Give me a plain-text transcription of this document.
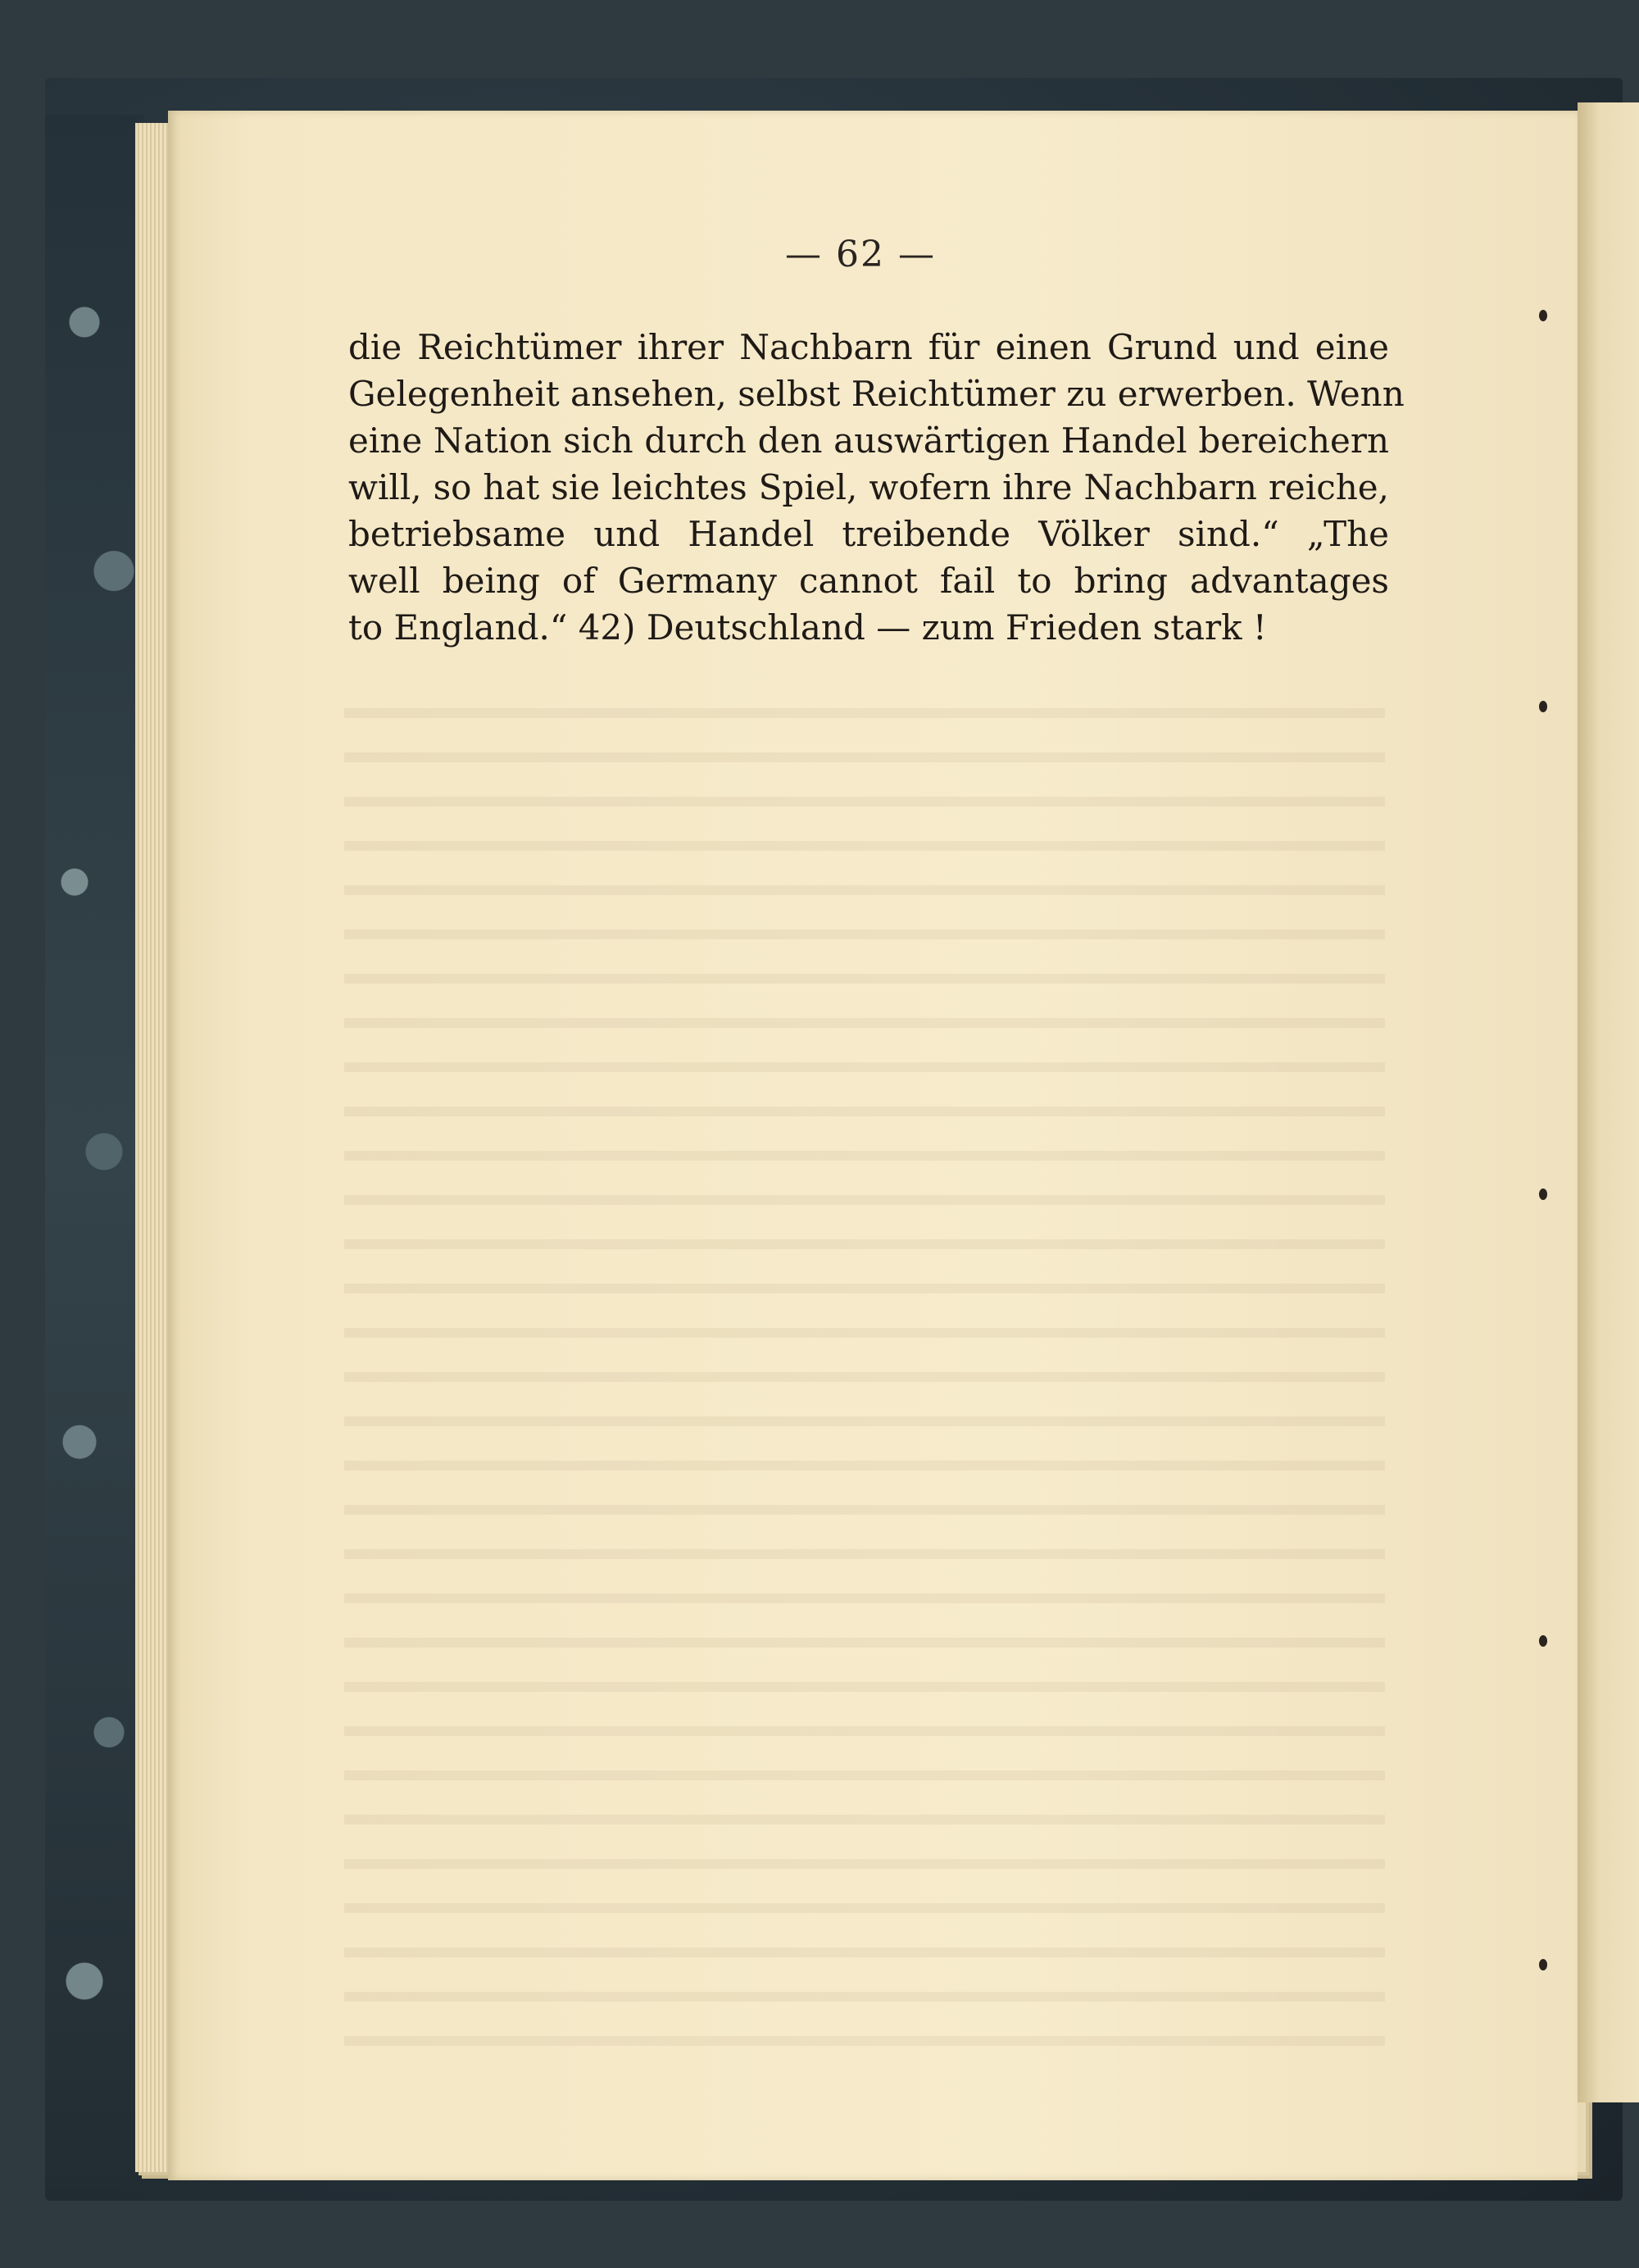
— 62 —
die Reichtümer ihrer Nachbarn für einen Grund und eine
Gelegenheit ansehen, selbst Reichtümer zu erwerben. Wenn
eine Nation sich durch den auswärtigen Handel bereichern
will, so hat sie leichtes Spiel, wofern ihre Nachbarn reiche,
betriebsame und Handel treibende Völker sind.“ „The
well being of Germany cannot fail to bring advantages
to England.“ 42) Deutschland — zum Frieden stark !
